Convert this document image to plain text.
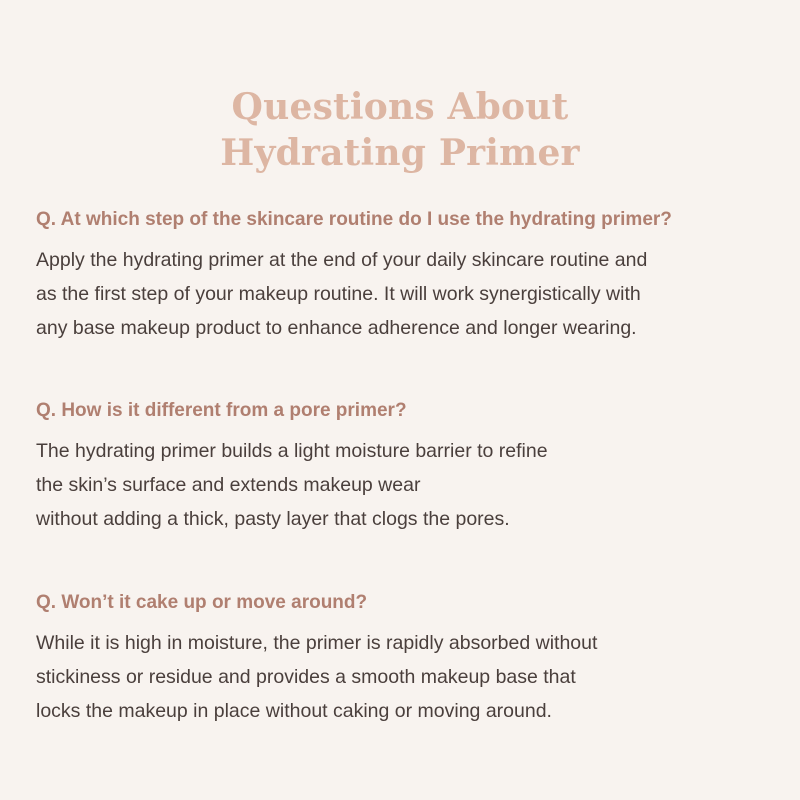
Questions About
Hydrating Primer

Q. At which step of the skincare routine do I use the hydrating primer?

Apply the hydrating primer at the end of your daily skincare routine and
as the first step of your makeup routine. It will work synergistically with
any base makeup product to enhance adherence and longer wearing.

Q. How is it different from a pore primer?

The hydrating primer builds a light moisture barrier to refine
the skin’s surface and extends makeup wear
without adding a thick, pasty layer that clogs the pores.

Q. Won’t it cake up or move around?

While it is high in moisture, the primer is rapidly absorbed without
stickiness or residue and provides a smooth makeup base that
locks the makeup in place without caking or moving around.
